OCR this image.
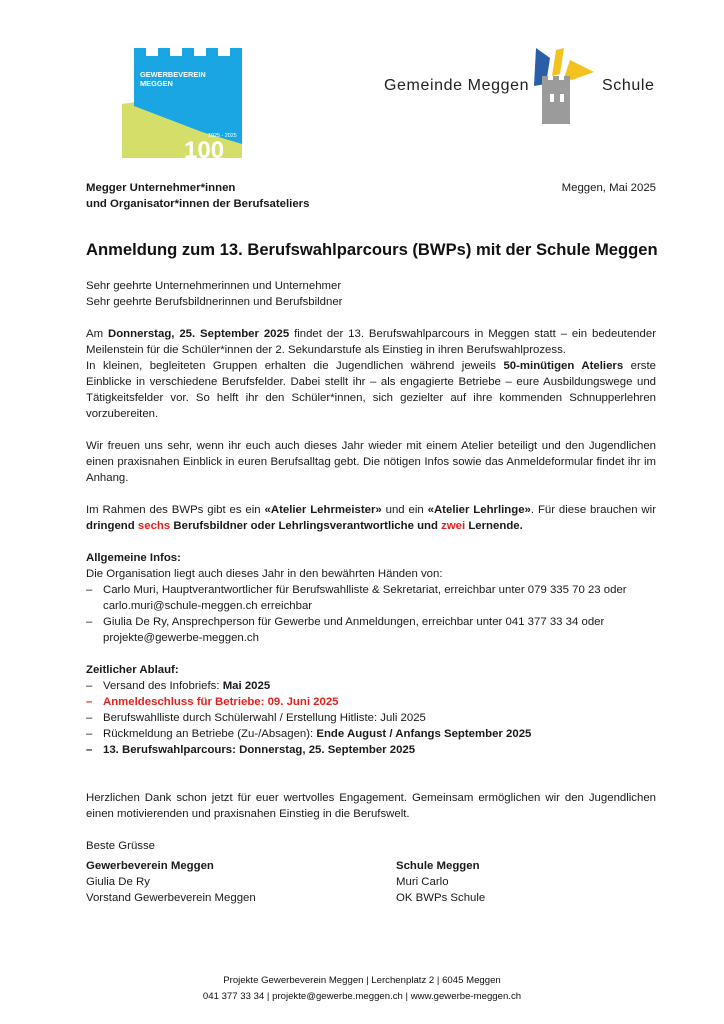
100
GEWERBEVEREIN
MEGGEN
1925 - 2025
Gemeinde Meggen	Schule
Megger Unternehmer*innen
und Organisator*innen der Berufsateliers
Meggen, Mai 2025
Anmeldung zum 13. Berufswahlparcours (BWPs) mit der Schule Meggen

Sehr geehrte Unternehmerinnen und Unternehmer
Sehr geehrte Berufsbildnerinnen und Berufsbildner

Am Donnerstag, 25. September 2025 findet der 13. Berufswahlparcours in Meggen statt – ein bedeutender Meilenstein für die Schüler*innen der 2. Sekundarstufe als Einstieg in ihren Berufswahlprozess.

In kleinen, begleiteten Gruppen erhalten die Jugendlichen während jeweils 50-minütigen Ateliers erste Einblicke in verschiedene Berufsfelder. Dabei stellt ihr – als engagierte Betriebe – eure Ausbildungswege und Tätigkeitsfelder vor. So helft ihr den Schüler*innen, sich gezielter auf ihre kommenden Schnupperlehren vorzubereiten.

Wir freuen uns sehr, wenn ihr euch auch dieses Jahr wieder mit einem Atelier beteiligt und den Jugendlichen einen praxisnahen Einblick in euren Berufsalltag gebt. Die nötigen Infos sowie das Anmeldeformular findet ihr im Anhang.

Im Rahmen des BWPs gibt es ein «Atelier Lehrmeister» und ein «Atelier Lehrlinge». Für diese brauchen wir dringend sechs Berufsbildner oder Lehrlingsverantwortliche und zwei Lernende.

Allgemeine Infos:
Die Organisation liegt auch dieses Jahr in den bewährten Händen von:
– Carlo Muri, Hauptverantwortlicher für Berufswahlliste & Sekretariat, erreichbar unter 079 335 70 23 oder carlo.muri@schule-meggen.ch erreichbar
– Giulia De Ry, Ansprechperson für Gewerbe und Anmeldungen, erreichbar unter 041 377 33 34 oder projekte@gewerbe-meggen.ch
Zeitlicher Ablauf:
– Versand des Infobriefs: Mai 2025
– Anmeldeschluss für Betriebe: 09. Juni 2025
– Berufswahlliste durch Schülerwahl / Erstellung Hitliste: Juli 2025
– Rückmeldung an Betriebe (Zu-/Absagen): Ende August / Anfangs September 2025
– 13. Berufswahlparcours: Donnerstag, 25. September 2025

Herzlichen Dank schon jetzt für euer wertvolles Engagement. Gemeinsam ermöglichen wir den Jugendlichen einen motivierenden und praxisnahen Einstieg in die Berufswelt.

Beste Grüsse

Gewerbeverein Meggen
Giulia De Ry
Vorstand Gewerbeverein Meggen
Schule Meggen
Muri Carlo
OK BWPs Schule
Projekte Gewerbeverein Meggen | Lerchenplatz 2 | 6045 Meggen
041 377 33 34 | projekte@gewerbe.meggen.ch | www.gewerbe-meggen.ch
